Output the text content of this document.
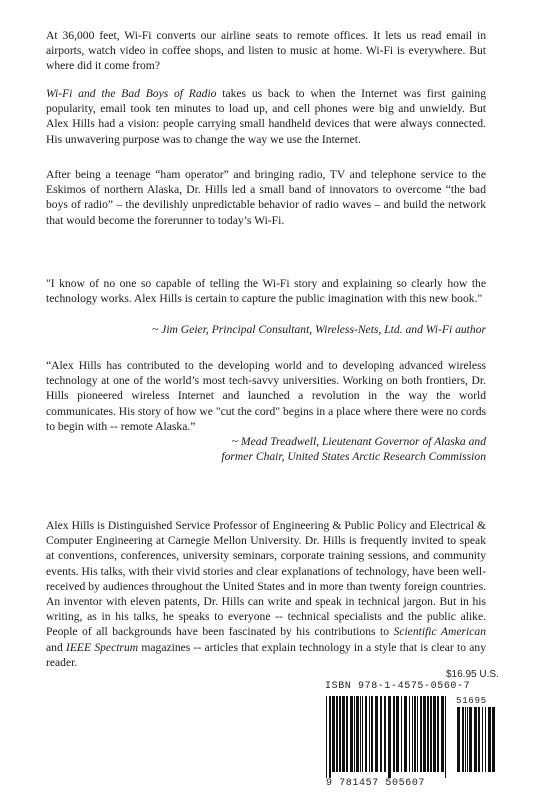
At 36,000 feet, Wi-Fi converts our airline seats to remote offices. It lets us read email in airports, watch video in coffee shops, and listen to music at home. Wi-Fi is everywhere. But where did it come from?

Wi-Fi and the Bad Boys of Radio takes us back to when the Internet was first gaining popularity, email took ten minutes to load up, and cell phones were big and unwieldy. But Alex Hills had a vision: people carrying small handheld devices that were always connected. His unwavering purpose was to change the way we use the Internet.

After being a teenage “ham operator” and bringing radio, TV and telephone service to the Eskimos of northern Alaska, Dr. Hills led a small band of innovators to overcome “the bad boys of radio” – the devilishly unpredictable behavior of radio waves – and build the network that would become the forerunner to today’s Wi-Fi.

"I know of no one so capable of telling the Wi-Fi story and explaining so clearly how the technology works. Alex Hills is certain to capture the public imagination with this new book."

~ Jim Geier, Principal Consultant, Wireless-Nets, Ltd. and Wi-Fi author

“Alex Hills has contributed to the developing world and to developing advanced wireless technology at one of the world’s most tech-savvy universities. Working on both frontiers, Dr. Hills pioneered wireless Internet and launched a revolution in the way the world communicates. His story of how we "cut the cord" begins in a place where there were no cords to begin with -- remote Alaska.”

~ Mead Treadwell, Lieutenant Governor of Alaska and

former Chair, United States Arctic Research Commission

Alex Hills is Distinguished Service Professor of Engineering & Public Policy and Electrical & Computer Engineering at Carnegie Mellon University. Dr. Hills is frequently invited to speak at conventions, conferences, university seminars, corporate training sessions, and community events. His talks, with their vivid stories and clear explanations of technology, have been well-received by audiences throughout the United States and in more than twenty foreign countries. An inventor with eleven patents, Dr. Hills can write and speak in technical jargon. But in his writing, as in his talks, he speaks to everyone -- technical specialists and the public alike. People of all backgrounds have been fascinated by his contributions to Scientific American and IEEE Spectrum magazines -- articles that explain technology in a style that is clear to any reader.

$16.95 U.S.
ISBN 978-1-4575-0560-7
51695
9 781457 505607
